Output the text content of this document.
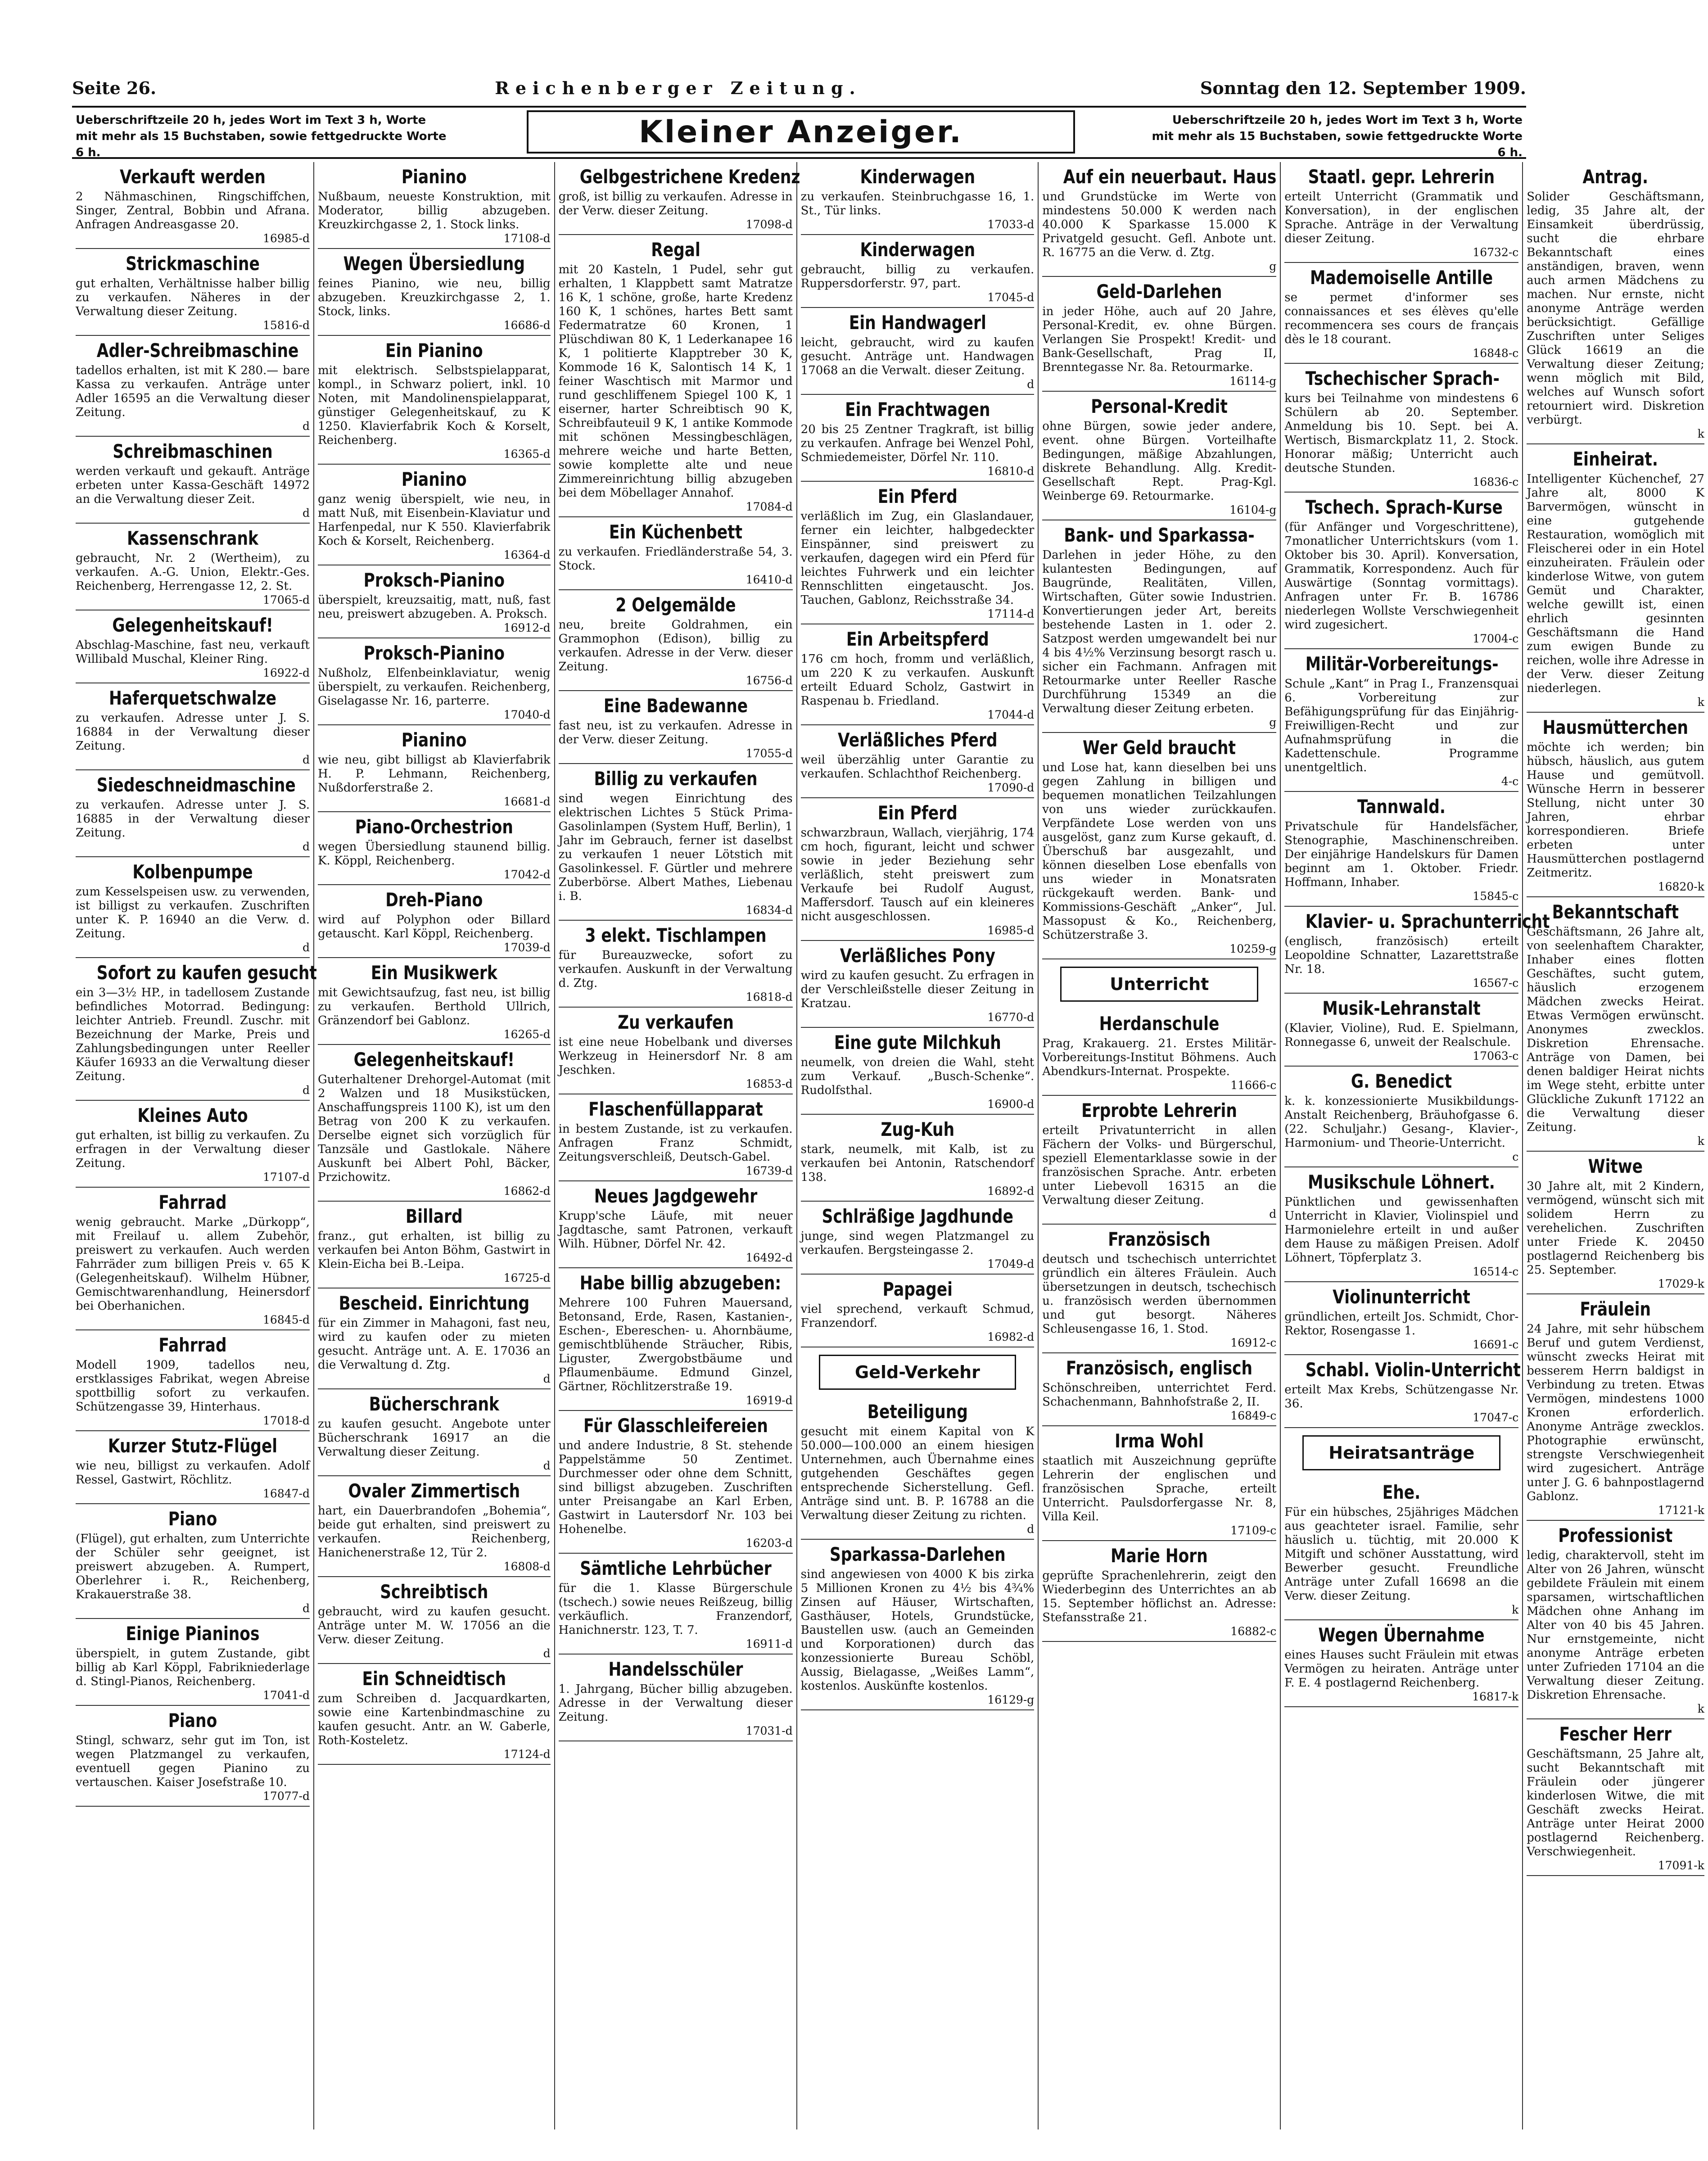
Seite 26.	Reichenberger Zeitung.	Sonntag den 12. September 1909.
Ueberschriftzeile 20 h, jedes Wort im Text 3 h, Worte mit mehr als 15 Buchstaben, sowie fettgedruckte Worte 6 h.
Kleiner Anzeiger.	Ueberschriftzeile 20 h, jedes Wort im Text 3 h, Worte mit mehr als 15 Buchstaben, sowie fettgedruckte Worte 6 h.
Verkauft werden
2 Nähmaschinen, Ringschiffchen, Singer, Zentral, Bobbin und Afrana. Anfragen Andreasgasse 20.
16985-d
Strickmaschine
gut erhalten, Verhältnisse halber billig zu verkaufen. Näheres in der Verwaltung dieser Zeitung.
15816-d
Adler-Schreibmaschine
tadellos erhalten, ist mit K 280.— bare Kassa zu verkaufen. Anträge unter Adler 16595 an die Verwaltung dieser Zeitung.
d
Schreibmaschinen
werden verkauft und gekauft. Anträge erbeten unter Kassa-Geschäft 14972 an die Verwaltung dieser Zeit.
d
Kassenschrank
gebraucht, Nr. 2 (Wertheim), zu verkaufen. A.-G. Union, Elektr.-Ges. Reichenberg, Herrengasse 12, 2. St.
17065-d
Gelegenheitskauf!
Abschlag-Maschine, fast neu, verkauft Willibald Muschal, Kleiner Ring.
16922-d
Haferquetschwalze
zu verkaufen. Adresse unter J. S. 16884 in der Verwaltung dieser Zeitung.
d
Siedeschneidmaschine
zu verkaufen. Adresse unter J. S. 16885 in der Verwaltung dieser Zeitung.
d
Kolbenpumpe
zum Kesselspeisen usw. zu verwenden, ist billigst zu verkaufen. Zuschriften unter K. P. 16940 an die Verw. d. Zeitung.
d
Sofort zu kaufen gesucht
ein 3—3½ HP., in tadellosem Zustande befindliches Motorrad. Bedingung: leichter Antrieb. Freundl. Zuschr. mit Bezeichnung der Marke, Preis und Zahlungsbedingungen unter Reeller Käufer 16933 an die Verwaltung dieser Zeitung.
d
Kleines Auto
gut erhalten, ist billig zu verkaufen. Zu erfragen in der Verwaltung dieser Zeitung.
17107-d
Fahrrad
wenig gebraucht. Marke „Dürkopp“, mit Freilauf u. allem Zubehör, preiswert zu verkaufen. Auch werden Fahrräder zum billigen Preis v. 65 K (Gelegenheitskauf). Wilhelm Hübner, Gemischtwarenhandlung, Heinersdorf bei Oberhanichen.
16845-d
Fahrrad
Modell 1909, tadellos neu, erstklassiges Fabrikat, wegen Abreise spottbillig sofort zu verkaufen. Schützengasse 39, Hinterhaus.
17018-d
Kurzer Stutz-Flügel
wie neu, billigst zu verkaufen. Adolf Ressel, Gastwirt, Röchlitz.
16847-d
Piano
(Flügel), gut erhalten, zum Unterrichte der Schüler sehr geeignet, ist preiswert abzugeben. A. Rumpert, Oberlehrer i. R., Reichenberg, Krakauerstraße 38.
d
Einige Pianinos
überspielt, in gutem Zustande, gibt billig ab Karl Köppl, Fabrikniederlage d. Stingl-Pianos, Reichenberg.
17041-d
Piano
Stingl, schwarz, sehr gut im Ton, ist wegen Platzmangel zu verkaufen, eventuell gegen Pianino zu vertauschen. Kaiser Josefstraße 10.
17077-d
Pianino
Nußbaum, neueste Konstruktion, mit Moderator, billig abzugeben. Kreuzkirchgasse 2, 1. Stock links.
17108-d
Wegen Übersiedlung
feines Pianino, wie neu, billig abzugeben. Kreuzkirchgasse 2, 1. Stock, links.
16686-d
Ein Pianino
mit elektrisch. Selbstspielapparat, kompl., in Schwarz poliert, inkl. 10 Noten, mit Mandolinenspielapparat, günstiger Gelegenheitskauf, zu K 1250. Klavierfabrik Koch & Korselt, Reichenberg.
16365-d
Pianino
ganz wenig überspielt, wie neu, in matt Nuß, mit Eisenbein-Klaviatur und Harfenpedal, nur K 550. Klavierfabrik Koch & Korselt, Reichenberg.
16364-d
Proksch-Pianino
überspielt, kreuzsaitig, matt, nuß, fast neu, preiswert abzugeben. A. Proksch.
16912-d
Proksch-Pianino
Nußholz, Elfenbeinklaviatur, wenig überspielt, zu verkaufen. Reichenberg, Giselagasse Nr. 16, parterre.
17040-d
Pianino
wie neu, gibt billigst ab Klavierfabrik H. P. Lehmann, Reichenberg, Nußdorferstraße 2.
16681-d
Piano-Orchestrion
wegen Übersiedlung staunend billig. K. Köppl, Reichenberg.
17042-d
Dreh-Piano
wird auf Polyphon oder Billard getauscht. Karl Köppl, Reichenberg.
17039-d
Ein Musikwerk
mit Gewichtsaufzug, fast neu, ist billig zu verkaufen. Berthold Ullrich, Gränzendorf bei Gablonz.
16265-d
Gelegenheitskauf!
Guterhaltener Drehorgel-Automat (mit 2 Walzen und 18 Musikstücken, Anschaffungspreis 1100 K), ist um den Betrag von 200 K zu verkaufen. Derselbe eignet sich vorzüglich für Tanzsäle und Gastlokale. Nähere Auskunft bei Albert Pohl, Bäcker, Przichowitz.
16862-d
Billard
franz., gut erhalten, ist billig zu verkaufen bei Anton Böhm, Gastwirt in Klein-Eicha bei B.-Leipa.
16725-d
Bescheid. Einrichtung
für ein Zimmer in Mahagoni, fast neu, wird zu kaufen oder zu mieten gesucht. Anträge unt. A. E. 17036 an die Verwaltung d. Ztg.
d
Bücherschrank
zu kaufen gesucht. Angebote unter Bücherschrank 16917 an die Verwaltung dieser Zeitung.
d
Ovaler Zimmertisch
hart, ein Dauerbrandofen „Bohemia“, beide gut erhalten, sind preiswert zu verkaufen. Reichenberg, Hanichenerstraße 12, Tür 2.
16808-d
Schreibtisch
gebraucht, wird zu kaufen gesucht. Anträge unter M. W. 17056 an die Verw. dieser Zeitung.
d
Ein Schneidtisch
zum Schreiben d. Jacquardkarten, sowie eine Kartenbindmaschine zu kaufen gesucht. Antr. an W. Gaberle, Roth-Kosteletz.
17124-d
Gelbgestrichene Kredenz
groß, ist billig zu verkaufen. Adresse in der Verw. dieser Zeitung.
17098-d
Regal
mit 20 Kasteln, 1 Pudel, sehr gut erhalten, 1 Klappbett samt Matratze 16 K, 1 schöne, große, harte Kredenz 160 K, 1 schönes, hartes Bett samt Federmatratze 60 Kronen, 1 Plüschdiwan 80 K, 1 Lederkanapee 16 K, 1 politierte Klapptreber 30 K, Kommode 16 K, Salontisch 14 K, 1 feiner Waschtisch mit Marmor und rund geschliffenem Spiegel 100 K, 1 eiserner, harter Schreibtisch 90 K, Schreibfauteuil 9 K, 1 antike Kommode mit schönen Messingbeschlägen, mehrere weiche und harte Betten, sowie komplette alte und neue Zimmereinrichtung billig abzugeben bei dem Möbellager Annahof.
17084-d
Ein Küchenbett
zu verkaufen. Friedländerstraße 54, 3. Stock.
16410-d
2 Oelgemälde
neu, breite Goldrahmen, ein Grammophon (Edison), billig zu verkaufen. Adresse in der Verw. dieser Zeitung.
16756-d
Eine Badewanne
fast neu, ist zu verkaufen. Adresse in der Verw. dieser Zeitung.
17055-d
Billig zu verkaufen
sind wegen Einrichtung des elektrischen Lichtes 5 Stück Prima-Gasolinlampen (System Huff, Berlin), 1 Jahr im Gebrauch, ferner ist daselbst zu verkaufen 1 neuer Lötstich mit Gasolinkessel. F. Gürtler und mehrere Zuberbörse. Albert Mathes, Liebenau i. B.
16834-d
3 elekt. Tischlampen
für Bureauzwecke, sofort zu verkaufen. Auskunft in der Verwaltung d. Ztg.
16818-d
Zu verkaufen
ist eine neue Hobelbank und diverses Werkzeug in Heinersdorf Nr. 8 am Jeschken.
16853-d
Flaschenfüllapparat
in bestem Zustande, ist zu verkaufen. Anfragen Franz Schmidt, Zeitungsverschleiß, Deutsch-Gabel.
16739-d
Neues Jagdgewehr
Krupp'sche Läufe, mit neuer Jagdtasche, samt Patronen, verkauft Wilh. Hübner, Dörfel Nr. 42.
16492-d
Habe billig abzugeben:
Mehrere 100 Fuhren Mauersand, Betonsand, Erde, Rasen, Kastanien-, Eschen-, Ebereschen- u. Ahornbäume, gemischtblühende Sträucher, Ribis, Liguster, Zwergobstbäume und Pflaumenbäume. Edmund Ginzel, Gärtner, Röchlitzerstraße 19.
16919-d
Für Glasschleifereien
und andere Industrie, 8 St. stehende Pappelstämme 50 Zentimet. Durchmesser oder ohne dem Schnitt, sind billigst abzugeben. Zuschriften unter Preisangabe an Karl Erben, Gastwirt in Lautersdorf Nr. 103 bei Hohenelbe.
16203-d
Sämtliche Lehrbücher
für die 1. Klasse Bürgerschule (tschech.) sowie neues Reißzeug, billig verkäuflich. Franzendorf, Hanichnerstr. 123, T. 7.
16911-d
Handelsschüler
1. Jahrgang, Bücher billig abzugeben. Adresse in der Verwaltung dieser Zeitung.
17031-d
Kinderwagen
zu verkaufen. Steinbruchgasse 16, 1. St., Tür links.
17033-d
Kinderwagen
gebraucht, billig zu verkaufen. Ruppersdorferstr. 97, part.
17045-d
Ein Handwagerl
leicht, gebraucht, wird zu kaufen gesucht. Anträge unt. Handwagen 17068 an die Verwalt. dieser Zeitung.
d
Ein Frachtwagen
20 bis 25 Zentner Tragkraft, ist billig zu verkaufen. Anfrage bei Wenzel Pohl, Schmiedemeister, Dörfel Nr. 110.
16810-d
Ein Pferd
verläßlich im Zug, ein Glaslandauer, ferner ein leichter, halbgedeckter Einspänner, sind preiswert zu verkaufen, dagegen wird ein Pferd für leichtes Fuhrwerk und ein leichter Rennschlitten eingetauscht. Jos. Tauchen, Gablonz, Reichsstraße 34.
17114-d
Ein Arbeitspferd
176 cm hoch, fromm und verläßlich, um 220 K zu verkaufen. Auskunft erteilt Eduard Scholz, Gastwirt in Raspenau b. Friedland.
17044-d
Verläßliches Pferd
weil überzählig unter Garantie zu verkaufen. Schlachthof Reichenberg.
17090-d
Ein Pferd
schwarzbraun, Wallach, vierjährig, 174 cm hoch, figurant, leicht und schwer sowie in jeder Beziehung sehr verläßlich, steht preiswert zum Verkaufe bei Rudolf August, Maffersdorf. Tausch auf ein kleineres nicht ausgeschlossen.
16985-d
Verläßliches Pony
wird zu kaufen gesucht. Zu erfragen in der Verschleißstelle dieser Zeitung in Kratzau.
16770-d
Eine gute Milchkuh
neumelk, von dreien die Wahl, steht zum Verkauf. „Busch-Schenke“. Rudolfsthal.
16900-d
Zug-Kuh
stark, neumelk, mit Kalb, ist zu verkaufen bei Antonin, Ratschendorf 138.
16892-d
Schlräßige Jagdhunde
junge, sind wegen Platzmangel zu verkaufen. Bergsteingasse 2.
17049-d
Papagei
viel sprechend, verkauft Schmud, Franzendorf.
16982-d
Geld-Verkehr
Beteiligung
gesucht mit einem Kapital von K 50.000—100.000 an einem hiesigen Unternehmen, auch Übernahme eines gutgehenden Geschäftes gegen entsprechende Sicherstellung. Gefl. Anträge sind unt. B. P. 16788 an die Verwaltung dieser Zeitung zu richten.
d
Sparkassa-Darlehen
sind angewiesen von 4000 K bis zirka 5 Millionen Kronen zu 4½ bis 4¾% Zinsen auf Häuser, Wirtschaften, Gasthäuser, Hotels, Grundstücke, Baustellen usw. (auch an Gemeinden und Korporationen) durch das konzessionierte Bureau Schöbl, Aussig, Bielagasse, „Weißes Lamm“, kostenlos. Auskünfte kostenlos.
16129-g
Auf ein neuerbaut. Haus
und Grundstücke im Werte von mindestens 50.000 K werden nach 40.000 K Sparkasse 15.000 K Privatgeld gesucht. Gefl. Anbote unt. R. 16775 an die Verw. d. Ztg.
g
Geld-Darlehen
in jeder Höhe, auch auf 20 Jahre, Personal-Kredit, ev. ohne Bürgen. Verlangen Sie Prospekt! Kredit- und Bank-Gesellschaft, Prag II, Brenntegasse Nr. 8a. Retourmarke.
16114-g
Personal-Kredit
ohne Bürgen, sowie jeder andere, event. ohne Bürgen. Vorteilhafte Bedingungen, mäßige Abzahlungen, diskrete Behandlung. Allg. Kredit-Gesellschaft Rept. Prag-Kgl. Weinberge 69. Retourmarke.
16104-g
Bank- und Sparkassa-
Darlehen in jeder Höhe, zu den kulantesten Bedingungen, auf Baugründe, Realitäten, Villen, Wirtschaften, Güter sowie Industrien. Konvertierungen jeder Art, bereits bestehende Lasten in 1. oder 2. Satzpost werden umgewandelt bei nur 4 bis 4½% Verzinsung besorgt rasch u. sicher ein Fachmann. Anfragen mit Retourmarke unter Reeller Rasche Durchführung 15349 an die Verwaltung dieser Zeitung erbeten.
g
Wer Geld braucht
und Lose hat, kann dieselben bei uns gegen Zahlung in billigen und bequemen monatlichen Teilzahlungen von uns wieder zurückkaufen. Verpfändete Lose werden von uns ausgelöst, ganz zum Kurse gekauft, d. Überschuß bar ausgezahlt, und können dieselben Lose ebenfalls von uns wieder in Monatsraten rückgekauft werden. Bank- und Kommissions-Geschäft „Anker“, Jul. Massopust & Ko., Reichenberg, Schützerstraße 3.
10259-g
Unterricht
Herdanschule
Prag, Krakauerg. 21. Erstes Militär-Vorbereitungs-Institut Böhmens. Auch Abendkurs-Internat. Prospekte.
11666-c
Erprobte Lehrerin
erteilt Privatunterricht in allen Fächern der Volks- und Bürgerschul, speziell Elementarklasse sowie in der französischen Sprache. Antr. erbeten unter Liebevoll 16315 an die Verwaltung dieser Zeitung.
d
Französisch
deutsch und tschechisch unterrichtet gründlich ein älteres Fräulein. Auch übersetzungen in deutsch, tschechisch u. französisch werden übernommen und gut besorgt. Näheres Schleusengasse 16, 1. Stod.
16912-c
Französisch, englisch
Schönschreiben, unterrichtet Ferd. Schachenmann, Bahnhofstraße 2, II.
16849-c
Irma Wohl
staatlich mit Auszeichnung geprüfte Lehrerin der englischen und französischen Sprache, erteilt Unterricht. Paulsdorfergasse Nr. 8, Villa Keil.
17109-c
Marie Horn
geprüfte Sprachenlehrerin, zeigt den Wiederbeginn des Unterrichtes an ab 15. September höflichst an. Adresse: Stefansstraße 21.
16882-c
Staatl. gepr. Lehrerin
erteilt Unterricht (Grammatik und Konversation), in der englischen Sprache. Anträge in der Verwaltung dieser Zeitung.
16732-c
Mademoiselle Antille
se permet d'informer ses connaissances et ses élèves qu'elle recommencera ses cours de français dès le 18 courant.
16848-c
Tschechischer Sprach-
kurs bei Teilnahme von mindestens 6 Schülern ab 20. September. Anmeldung bis 10. Sept. bei A. Wertisch, Bismarckplatz 11, 2. Stock. Honorar mäßig; Unterricht auch deutsche Stunden.
16836-c
Tschech. Sprach-Kurse
(für Anfänger und Vorgeschrittene), 7monatlicher Unterrichtskurs (vom 1. Oktober bis 30. April). Konversation, Grammatik, Korrespondenz. Auch für Auswärtige (Sonntag vormittags). Anfragen unter Fr. B. 16786 niederlegen Wollste Verschwiegenheit wird zugesichert.
17004-c
Militär-Vorbereitungs-
Schule „Kant“ in Prag I., Franzensquai 6. Vorbereitung zur Befähigungsprüfung für das Einjährig-Freiwilligen-Recht und zur Aufnahmsprüfung in die Kadettenschule. Programme unentgeltlich.
4-c
Tannwald.
Privatschule für Handelsfächer, Stenographie, Maschinenschreiben. Der einjährige Handelskurs für Damen beginnt am 1. Oktober. Friedr. Hoffmann, Inhaber.
15845-c
Klavier- u. Sprachunterricht
(englisch, französisch) erteilt Leopoldine Schnatter, Lazarettstraße Nr. 18.
16567-c
Musik-Lehranstalt
(Klavier, Violine), Rud. E. Spielmann, Ronnegasse 6, unweit der Realschule.
17063-c
G. Benedict
k. k. konzessionierte Musikbildungs-Anstalt Reichenberg, Bräuhofgasse 6. (22. Schuljahr.) Gesang-, Klavier-, Harmonium- und Theorie-Unterricht.
c
Musikschule Löhnert.
Pünktlichen und gewissenhaften Unterricht in Klavier, Violinspiel und Harmonielehre erteilt in und außer dem Hause zu mäßigen Preisen. Adolf Löhnert, Töpferplatz 3.
16514-c
Violinunterricht
gründlichen, erteilt Jos. Schmidt, Chor-Rektor, Rosengasse 1.
16691-c
Schabl. Violin-Unterricht
erteilt Max Krebs, Schützengasse Nr. 36.
17047-c
Heiratsanträge
Ehe.
Für ein hübsches, 25jähriges Mädchen aus geachteter israel. Familie, sehr häuslich u. tüchtig, mit 20.000 K Mitgift und schöner Ausstattung, wird Bewerber gesucht. Freundliche Anträge unter Zufall 16698 an die Verw. dieser Zeitung.
k
Wegen Übernahme
eines Hauses sucht Fräulein mit etwas Vermögen zu heiraten. Anträge unter F. E. 4 postlagernd Reichenberg.
16817-k
Antrag.
Solider Geschäftsmann, ledig, 35 Jahre alt, der Einsamkeit überdrüssig, sucht die ehrbare Bekanntschaft eines anständigen, braven, wenn auch armen Mädchens zu machen. Nur ernste, nicht anonyme Anträge werden berücksichtigt. Gefällige Zuschriften unter Seliges Glück 16619 an die Verwaltung dieser Zeitung; wenn möglich mit Bild, welches auf Wunsch sofort retourniert wird. Diskretion verbürgt.
k
Einheirat.
Intelligenter Küchenchef, 27 Jahre alt, 8000 K Barvermögen, wünscht in eine gutgehende Restauration, womöglich mit Fleischerei oder in ein Hotel einzuheiraten. Fräulein oder kinderlose Witwe, von gutem Gemüt und Charakter, welche gewillt ist, einen ehrlich gesinnten Geschäftsmann die Hand zum ewigen Bunde zu reichen, wolle ihre Adresse in der Verw. dieser Zeitung niederlegen.
k
Hausmütterchen
möchte ich werden; bin hübsch, häuslich, aus gutem Hause und gemütvoll. Wünsche Herrn in besserer Stellung, nicht unter 30 Jahren, ehrbar korrespondieren. Briefe erbeten unter Hausmütterchen postlagernd Zeitmeritz.
16820-k
Bekanntschaft
Geschäftsmann, 26 Jahre alt, von seelenhaftem Charakter, Inhaber eines flotten Geschäftes, sucht gutem, häuslich erzogenem Mädchen zwecks Heirat. Etwas Vermögen erwünscht. Anonymes zwecklos. Diskretion Ehrensache. Anträge von Damen, bei denen baldiger Heirat nichts im Wege steht, erbitte unter Glückliche Zukunft 17122 an die Verwaltung dieser Zeitung.
k
Witwe
30 Jahre alt, mit 2 Kindern, vermögend, wünscht sich mit solidem Herrn zu verehelichen. Zuschriften unter Friede K. 20450 postlagernd Reichenberg bis 25. September.
17029-k
Fräulein
24 Jahre, mit sehr hübschem Beruf und gutem Verdienst, wünscht zwecks Heirat mit besserem Herrn baldigst in Verbindung zu treten. Etwas Vermögen, mindestens 1000 Kronen erforderlich. Anonyme Anträge zwecklos. Photographie erwünscht, strengste Verschwiegenheit wird zugesichert. Anträge unter J. G. 6 bahnpostlagernd Gablonz.
17121-k
Professionist
ledig, charaktervoll, steht im Alter von 26 Jahren, wünscht gebildete Fräulein mit einem sparsamen, wirtschaftlichen Mädchen ohne Anhang im Alter von 40 bis 45 Jahren. Nur ernstgemeinte, nicht anonyme Anträge erbeten unter Zufrieden 17104 an die Verwaltung dieser Zeitung. Diskretion Ehrensache.
k
Fescher Herr
Geschäftsmann, 25 Jahre alt, sucht Bekanntschaft mit Fräulein oder jüngerer kinderlosen Witwe, die mit Geschäft zwecks Heirat. Anträge unter Heirat 2000 postlagernd Reichenberg. Verschwiegenheit.
17091-k
